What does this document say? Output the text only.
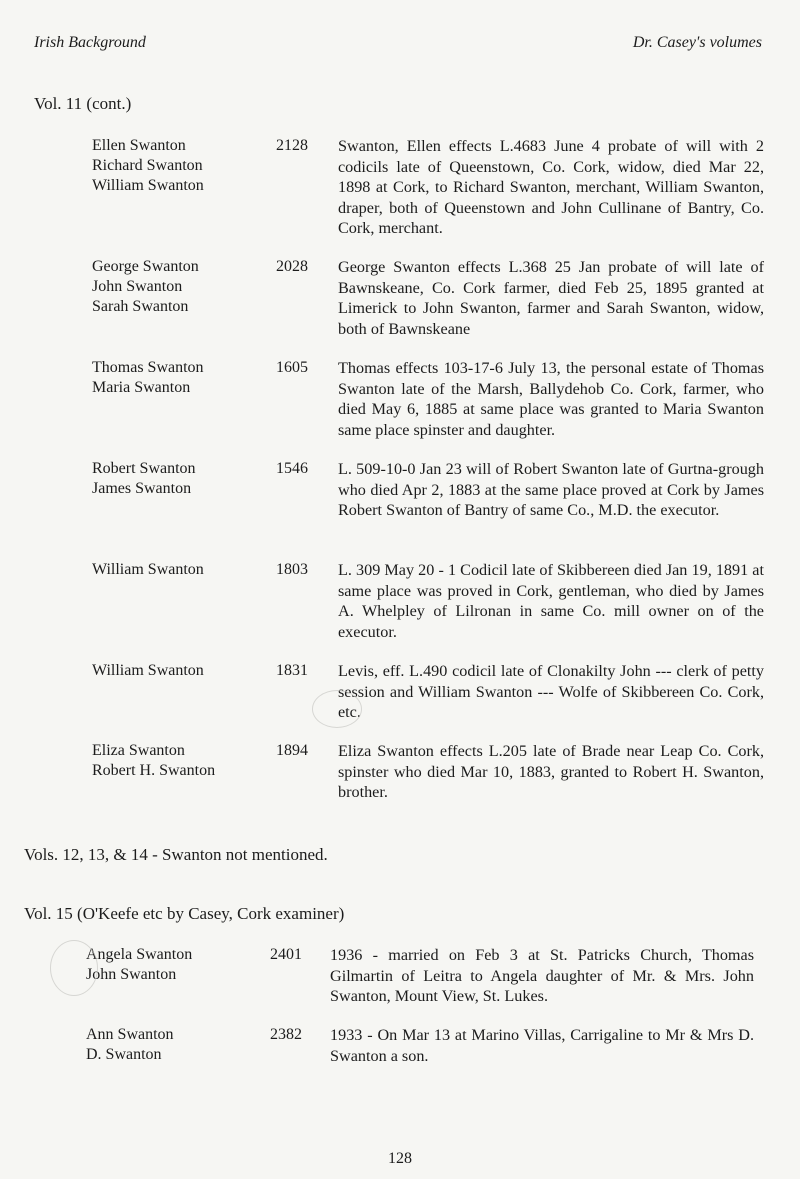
Irish Background	Dr. Casey's volumes
Vol. 11 (cont.)
Ellen Swanton
Richard Swanton
William Swanton
2128 Swanton, Ellen effects L.4683 June 4 probate of will with 2 codicils late of Queenstown, Co. Cork, widow, died Mar 22, 1898 at Cork, to Richard Swanton, merchant, William Swanton, draper, both of Queenstown and John Cullinane of Bantry, Co. Cork, merchant.
George Swanton
John Swanton
Sarah Swanton
2028 George Swanton effects L.368 25 Jan probate of will late of Bawnskeane, Co. Cork farmer, died Feb 25, 1895 granted at Limerick to John Swanton, farmer and Sarah Swanton, widow, both of Bawnskeane
Thomas Swanton
Maria Swanton
1605 Thomas effects 103-17-6 July 13, the personal estate of Thomas Swanton late of the Marsh, Ballydehob Co. Cork, farmer, who died May 6, 1885 at same place was granted to Maria Swanton same place spinster and daughter.
Robert Swanton
James Swanton
1546 L. 509-10-0 Jan 23 will of Robert Swanton late of Gurtna-grough who died Apr 2, 1883 at the same place proved at Cork by James Robert Swanton of Bantry of same Co., M.D. the executor.
William Swanton	1803 L. 309 May 20 - 1 Codicil late of Skibbereen died Jan 19, 1891 at same place was proved in Cork, gentleman, who died by James A. Whelpley of Lilronan in same Co. mill owner on of the executor.
William Swanton	1831 Levis, eff. L.490 codicil late of Clonakilty John --- clerk of petty session and William Swanton --- Wolfe of Skibbereen Co. Cork, etc.
Eliza Swanton
Robert H. Swanton
1894 Eliza Swanton effects L.205 late of Brade near Leap Co. Cork, spinster who died Mar 10, 1883, granted to Robert H. Swanton, brother.
Vols. 12, 13, & 14 - Swanton not mentioned.
Vol. 15 (O'Keefe etc by Casey, Cork examiner)
Angela Swanton
John Swanton
2401 1936 - married on Feb 3 at St. Patricks Church, Thomas Gilmartin of Leitra to Angela daughter of Mr. & Mrs. John Swanton, Mount View, St. Lukes.
Ann Swanton
D. Swanton
2382 1933 - On Mar 13 at Marino Villas, Carrigaline to Mr & Mrs D. Swanton a son.
128
